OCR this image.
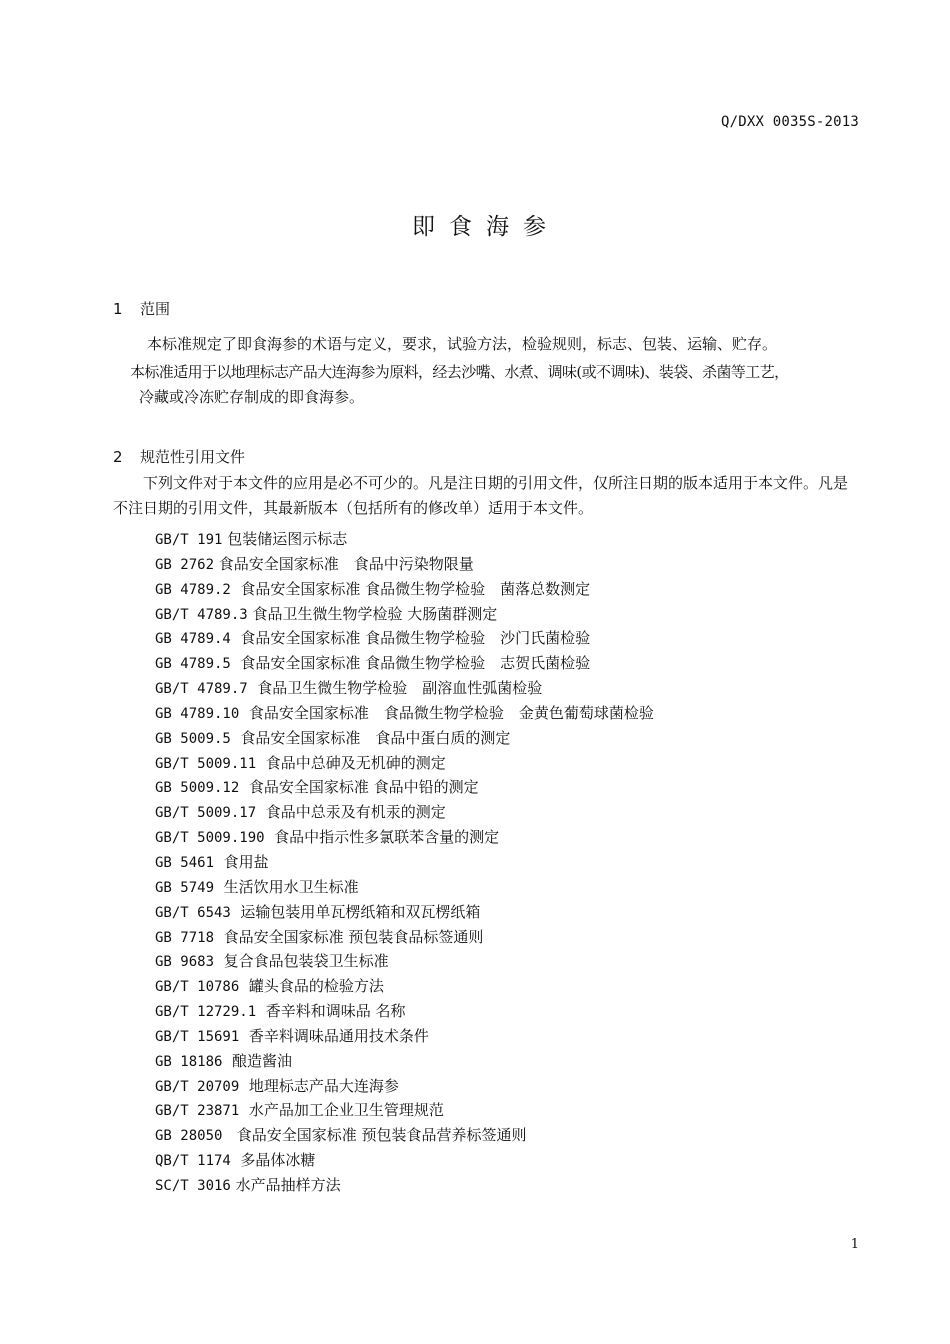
Q/DXX 0035S-2013
即食海参
1 范围
本标准规定了即食海参的术语与定义，要求，试验方法，检验规则，标志、包装、运输、贮存。
本标准适用于以地理标志产品大连海参为原料，经去沙嘴、水煮、调味(或不调味)、装袋、杀菌等工艺，
冷藏或冷冻贮存制成的即食海参。
2 规范性引用文件
下列文件对于本文件的应用是必不可少的。凡是注日期的引用文件，仅所注日期的版本适用于本文件。凡是不注日期的引用文件，其最新版本（包括所有的修改单）适用于本文件。
GB/T 191 包装储运图示标志
GB 2762 食品安全国家标准　食品中污染物限量
GB 4789.2 食品安全国家标准 食品微生物学检验　菌落总数测定
GB/T 4789.3 食品卫生微生物学检验 大肠菌群测定
GB 4789.4 食品安全国家标准 食品微生物学检验　沙门氏菌检验
GB 4789.5 食品安全国家标准 食品微生物学检验　志贺氏菌检验
GB/T 4789.7 食品卫生微生物学检验　副溶血性弧菌检验
GB 4789.10 食品安全国家标准　食品微生物学检验　金黄色葡萄球菌检验
GB 5009.5 食品安全国家标准　食品中蛋白质的测定
GB/T 5009.11 食品中总砷及无机砷的测定
GB 5009.12 食品安全国家标准 食品中铅的测定
GB/T 5009.17 食品中总汞及有机汞的测定
GB/T 5009.190 食品中指示性多氯联苯含量的测定
GB 5461 食用盐
GB 5749 生活饮用水卫生标准
GB/T 6543 运输包装用单瓦楞纸箱和双瓦楞纸箱
GB 7718 食品安全国家标准 预包装食品标签通则
GB 9683 复合食品包装袋卫生标准
GB/T 10786 罐头食品的检验方法
GB/T 12729.1 香辛料和调味品 名称
GB/T 15691 香辛料调味品通用技术条件
GB 18186 酿造酱油
GB/T 20709 地理标志产品大连海参
GB/T 23871 水产品加工企业卫生管理规范
GB 28050 食品安全国家标准 预包装食品营养标签通则
QB/T 1174 多晶体冰糖
SC/T 3016 水产品抽样方法
1
